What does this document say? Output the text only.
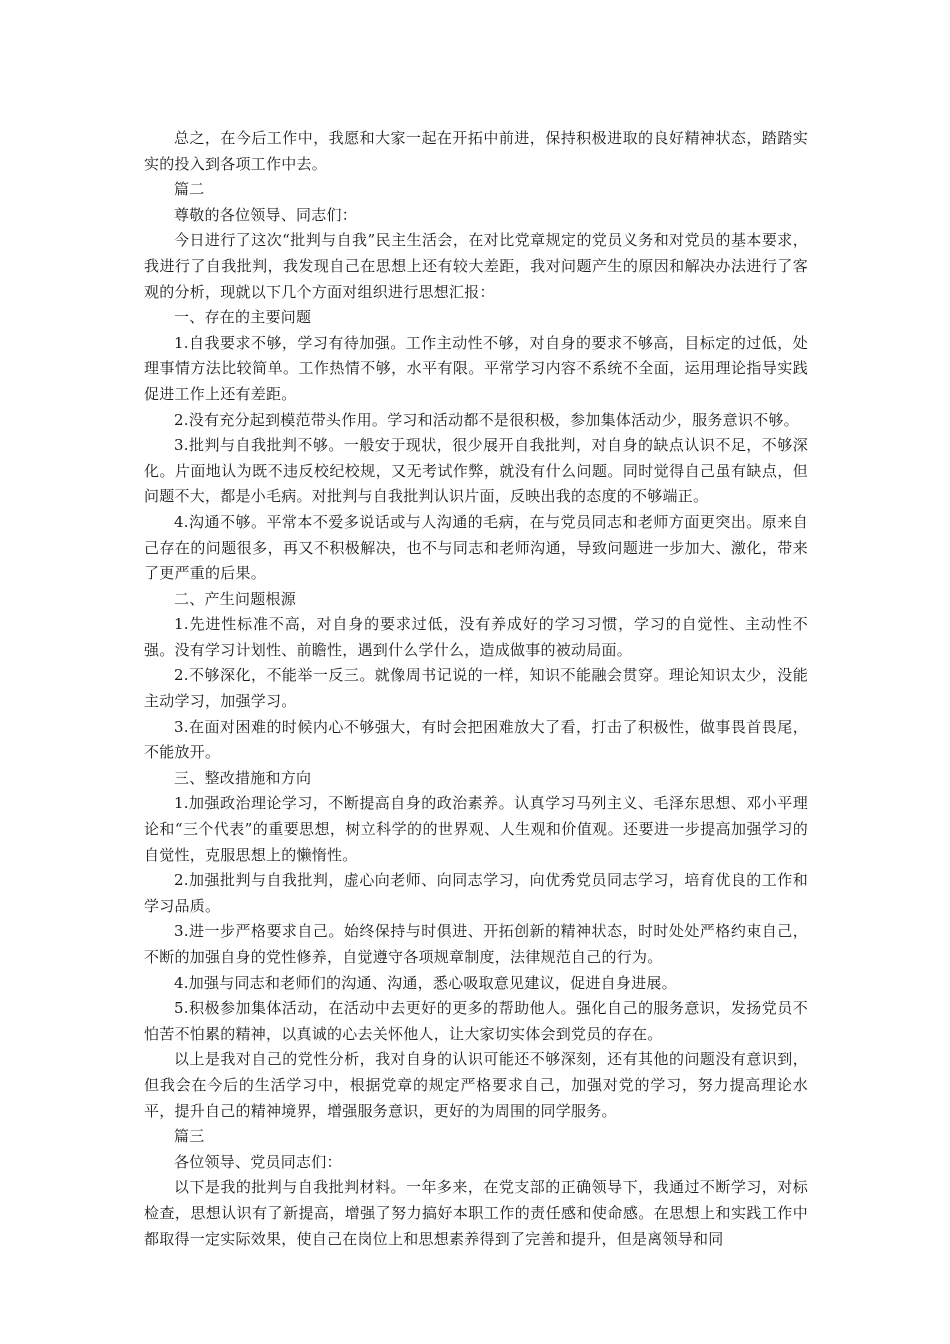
总之，在今后工作中，我愿和大家一起在开拓中前进，保持积极进取的良好精神状态，踏踏实实的投入到各项工作中去。

篇二

尊敬的各位领导、同志们：

今日进行了这次“批判与自我”民主生活会，在对比党章规定的党员义务和对党员的基本要求，我进行了自我批判，我发现自己在思想上还有较大差距，我对问题产生的原因和解决办法进行了客观的分析，现就以下几个方面对组织进行思想汇报：

一、存在的主要问题

1.自我要求不够，学习有待加强。工作主动性不够，对自身的要求不够高，目标定的过低，处理事情方法比较简单。工作热情不够，水平有限。平常学习内容不系统不全面，运用理论指导实践促进工作上还有差距。

2.没有充分起到模范带头作用。学习和活动都不是很积极，参加集体活动少，服务意识不够。

3.批判与自我批判不够。一般安于现状，很少展开自我批判，对自身的缺点认识不足，不够深化。片面地认为既不违反校纪校规，又无考试作弊，就没有什么问题。同时觉得自己虽有缺点，但问题不大，都是小毛病。对批判与自我批判认识片面，反映出我的态度的不够端正。

4.沟通不够。平常本不爱多说话或与人沟通的毛病，在与党员同志和老师方面更突出。原来自己存在的问题很多，再又不积极解决，也不与同志和老师沟通，导致问题进一步加大、激化，带来了更严重的后果。

二、产生问题根源

1.先进性标准不高，对自身的要求过低，没有养成好的学习习惯，学习的自觉性、主动性不强。没有学习计划性、前瞻性，遇到什么学什么，造成做事的被动局面。

2.不够深化，不能举一反三。就像周书记说的一样，知识不能融会贯穿。理论知识太少，没能主动学习，加强学习。

3.在面对困难的时候内心不够强大，有时会把困难放大了看，打击了积极性，做事畏首畏尾，不能放开。

三、整改措施和方向

1.加强政治理论学习，不断提高自身的政治素养。认真学习马列主义、毛泽东思想、邓小平理论和“三个代表”的重要思想，树立科学的的世界观、人生观和价值观。还要进一步提高加强学习的自觉性，克服思想上的懒惰性。

2.加强批判与自我批判，虚心向老师、向同志学习，向优秀党员同志学习，培育优良的工作和学习品质。

3.进一步严格要求自己。始终保持与时俱进、开拓创新的精神状态，时时处处严格约束自己，不断的加强自身的党性修养，自觉遵守各项规章制度，法律规范自己的行为。

4.加强与同志和老师们的沟通、沟通，悉心吸取意见建议，促进自身进展。

5.积极参加集体活动，在活动中去更好的更多的帮助他人。强化自己的服务意识，发扬党员不怕苦不怕累的精神，以真诚的心去关怀他人，让大家切实体会到党员的存在。

以上是我对自己的党性分析，我对自身的认识可能还不够深刻，还有其他的问题没有意识到，但我会在今后的生活学习中，根据党章的规定严格要求自己，加强对党的学习，努力提高理论水平，提升自己的精神境界，增强服务意识，更好的为周围的同学服务。

篇三

各位领导、党员同志们：

以下是我的批判与自我批判材料。一年多来，在党支部的正确领导下，我通过不断学习，对标检查，思想认识有了新提高，增强了努力搞好本职工作的责任感和使命感。在思想上和实践工作中都取得一定实际效果，使自己在岗位上和思想素养得到了完善和提升，但是离领导和同
